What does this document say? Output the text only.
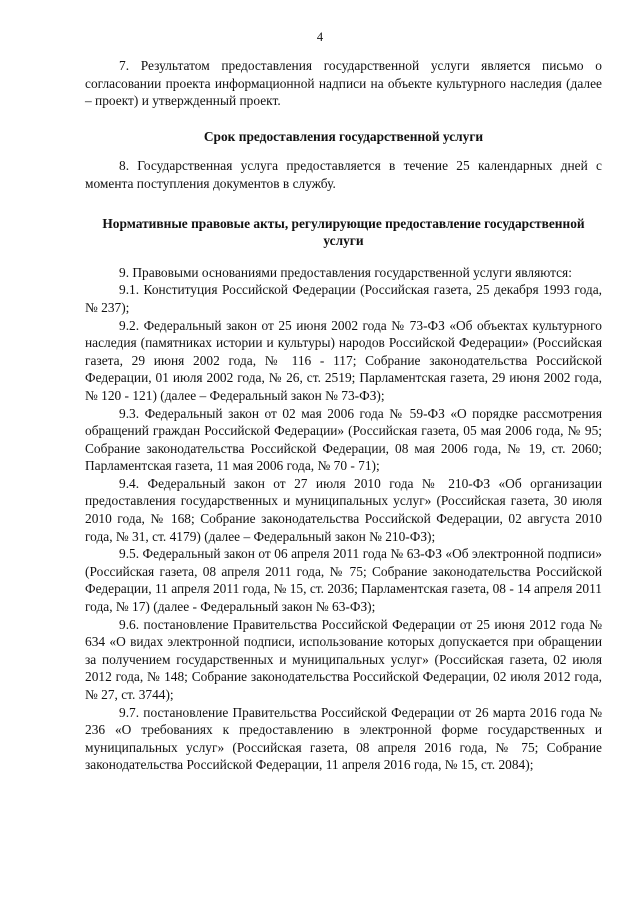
4

7. Результатом предоставления государственной услуги является письмо о согласовании проекта информационной надписи на объекте культурного наследия (далее – проект) и утвержденный проект.

Срок предоставления государственной услуги

8. Государственная услуга предоставляется в течение 25 календарных дней с момента поступления документов в службу.

Нормативные правовые акты, регулирующие предоставление государственной услуги

9. Правовыми основаниями предоставления государственной услуги являются:

9.1. Конституция Российской Федерации (Российская газета, 25 декабря 1993 года, № 237);

9.2. Федеральный закон от 25 июня 2002 года № 73-ФЗ «Об объектах культурного наследия (памятниках истории и культуры) народов Российской Федерации» (Российская газета, 29 июня 2002 года, № 116 - 117; Собрание законодательства Российской Федерации, 01 июля 2002 года, № 26, ст. 2519; Парламентская газета, 29 июня 2002 года, № 120 - 121) (далее – Федеральный закон № 73-ФЗ);

9.3. Федеральный закон от 02 мая 2006 года № 59-ФЗ «О порядке рассмотрения обращений граждан Российской Федерации» (Российская газета, 05 мая 2006 года, № 95; Собрание законодательства Российской Федерации, 08 мая 2006 года, № 19, ст. 2060; Парламентская газета, 11 мая 2006 года, № 70 - 71);

9.4. Федеральный закон от 27 июля 2010 года № 210-ФЗ «Об организации предоставления государственных и муниципальных услуг» (Российская газета, 30 июля 2010 года, № 168; Собрание законодательства Российской Федерации, 02 августа 2010 года, № 31, ст. 4179) (далее – Федеральный закон № 210-ФЗ);

9.5. Федеральный закон от 06 апреля 2011 года № 63-ФЗ «Об электронной подписи» (Российская газета, 08 апреля 2011 года, № 75; Собрание законодательства Российской Федерации, 11 апреля 2011 года, № 15, ст. 2036; Парламентская газета, 08 - 14 апреля 2011 года, № 17) (далее - Федеральный закон № 63-ФЗ);

9.6. постановление Правительства Российской Федерации от 25 июня 2012 года № 634 «О видах электронной подписи, использование которых допускается при обращении за получением государственных и муниципальных услуг» (Российская газета, 02 июля 2012 года, № 148; Собрание законодательства Российской Федерации, 02 июля 2012 года, № 27, ст. 3744);

9.7. постановление Правительства Российской Федерации от 26 марта 2016 года № 236 «О требованиях к предоставлению в электронной форме государственных и муниципальных услуг» (Российская газета, 08 апреля 2016 года, № 75; Собрание законодательства Российской Федерации, 11 апреля 2016 года, № 15, ст. 2084);
